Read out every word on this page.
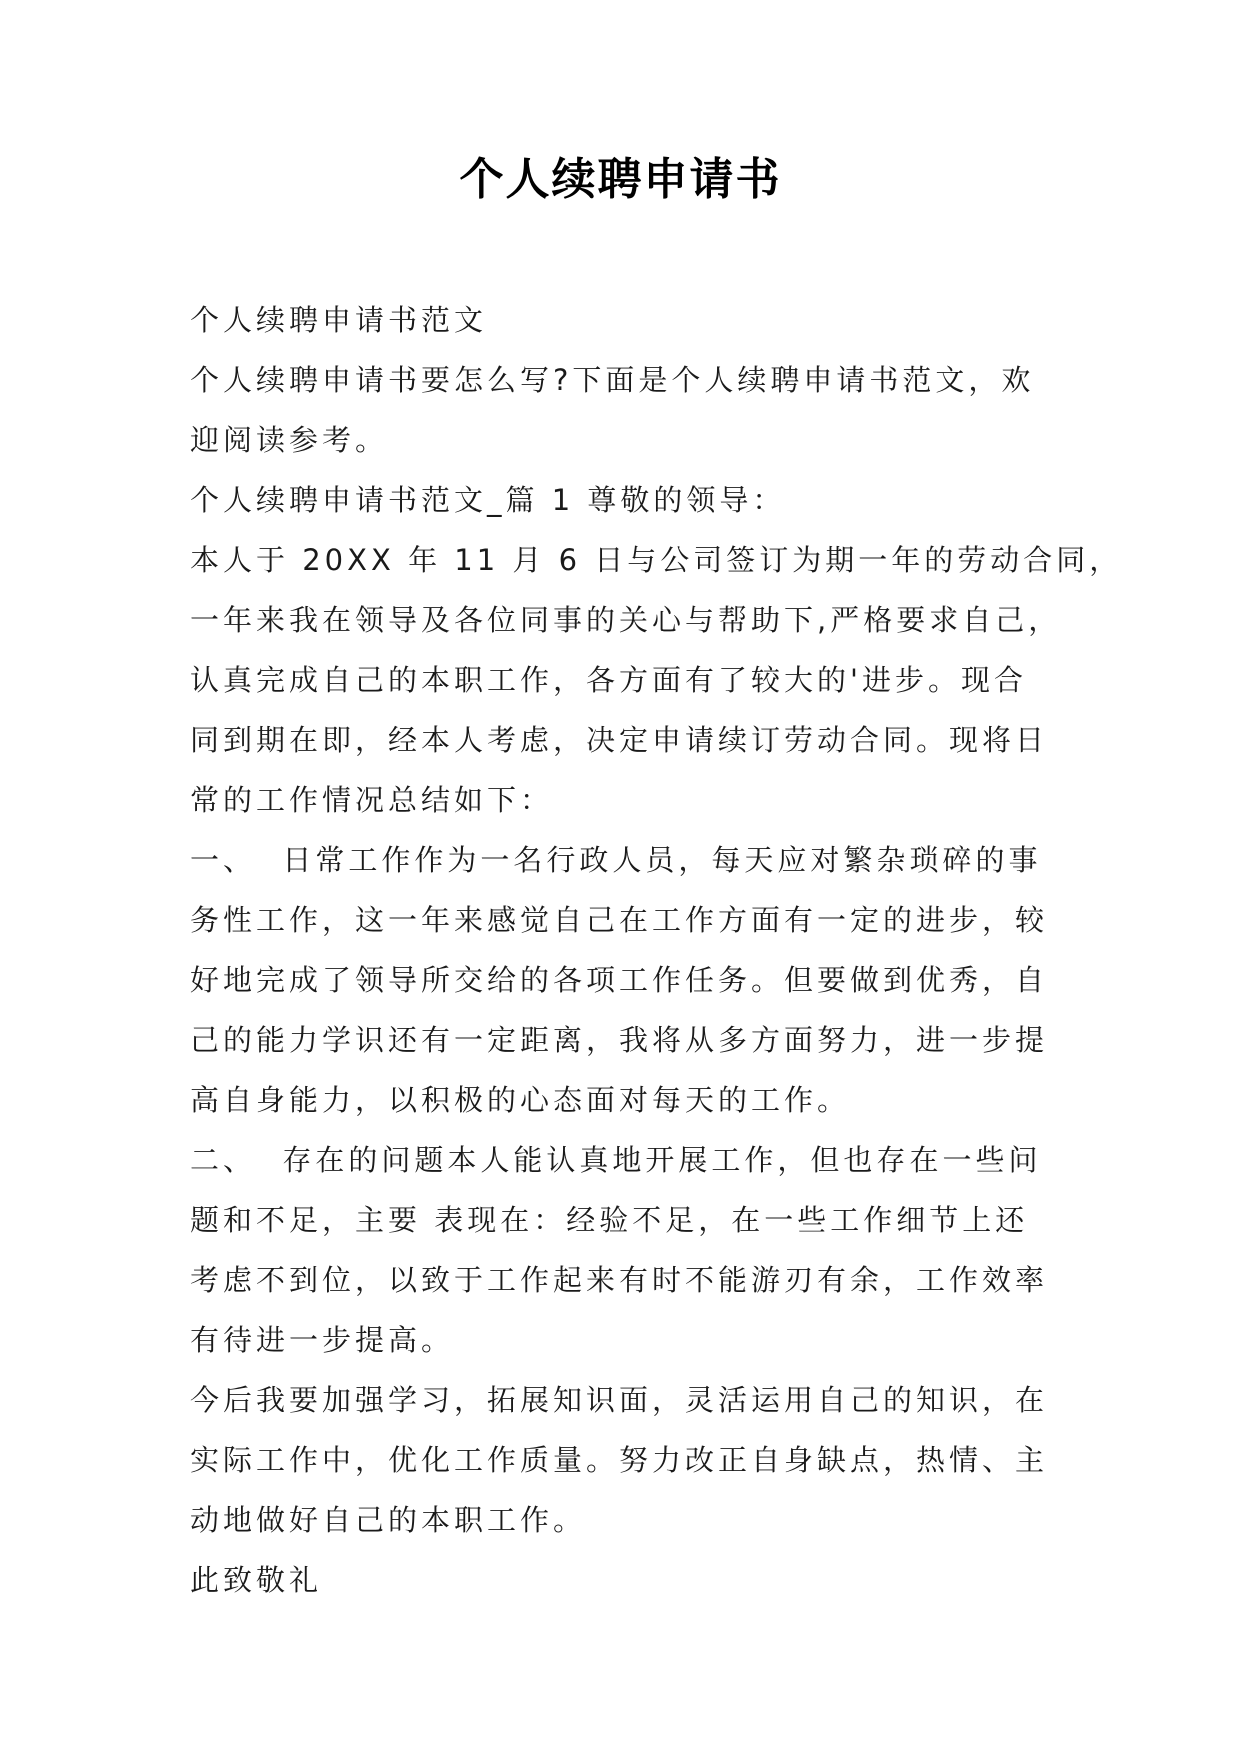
个人续聘申请书
个人续聘申请书范文
个人续聘申请书要怎么写?下面是个人续聘申请书范文，欢
迎阅读参考。
个人续聘申请书范文_篇 1 尊敬的领导：
本人于 20XX 年 11 月 6 日与公司签订为期一年的劳动合同，
一年来我在领导及各位同事的关心与帮助下,严格要求自己，
认真完成自己的本职工作，各方面有了较大的'进步。现合
同到期在即，经本人考虑，决定申请续订劳动合同。现将日
常的工作情况总结如下：
一、  日常工作作为一名行政人员，每天应对繁杂琐碎的事
务性工作，这一年来感觉自己在工作方面有一定的进步，较
好地完成了领导所交给的各项工作任务。但要做到优秀，自
己的能力学识还有一定距离，我将从多方面努力，进一步提
高自身能力，以积极的心态面对每天的工作。
二、  存在的问题本人能认真地开展工作，但也存在一些问
题和不足，主要 表现在：经验不足，在一些工作细节上还
考虑不到位，以致于工作起来有时不能游刃有余，工作效率
有待进一步提高。
今后我要加强学习，拓展知识面，灵活运用自己的知识，在
实际工作中，优化工作质量。努力改正自身缺点，热情、主
动地做好自己的本职工作。
此致敬礼
